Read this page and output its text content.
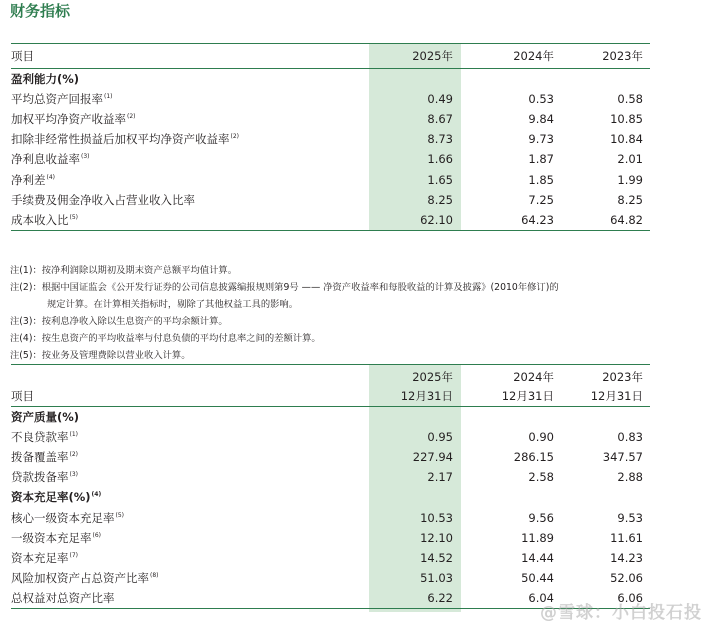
财务指标
项目	2025年	2024年	2023年
盈利能力(%)			
平均总资产回报率$^{(1)}$	0.49	0.53	0.58
加权平均净资产收益率$^{(2)}$	8.67	9.84	10.85
扣除非经常性损益后加权平均净资产收益率$^{(2)}$	8.73	9.73	10.84
净利息收益率$^{(3)}$	1.66	1.87	2.01
净利差$^{(4)}$	1.65	1.85	1.99
手续费及佣金净收入占营业收入比率	8.25	7.25	8.25
成本收入比$^{(5)}$	62.10	64.23	64.82
注(1)：按净利润除以期初及期末资产总额平均值计算。
注(2)：根据中国证监会《公开发行证券的公司信息披露编报规则第9号 —— 净资产收益率和每股收益的计算及披露》(2010年修订)的
规定计算。在计算相关指标时，剔除了其他权益工具的影响。
注(3)：按利息净收入除以生息资产的平均余额计算。
注(4)：按生息资产的平均收益率与付息负债的平均付息率之间的差额计算。
注(5)：按业务及管理费除以营业收入计算。
	2025年	2024年	2023年
项目	12月31日	12月31日	12月31日
资产质量(%)			
不良贷款率$^{(1)}$	0.95	0.90	0.83
拨备覆盖率$^{(2)}$	227.94	286.15	347.57
贷款拨备率$^{(3)}$	2.17	2.58	2.88
资本充足率(%)$^{(4)}$
核心一级资本充足率$^{(5)}$	10.53	9.56	9.53
一级资本充足率$^{(6)}$	12.10	11.89	11.61
资本充足率$^{(7)}$	14.52	14.44	14.23
风险加权资产占总资产比率$^{(8)}$	51.03	50.44	52.06
总权益对总资产比率	6.22	6.04	6.06
@雪球：小白投石投
